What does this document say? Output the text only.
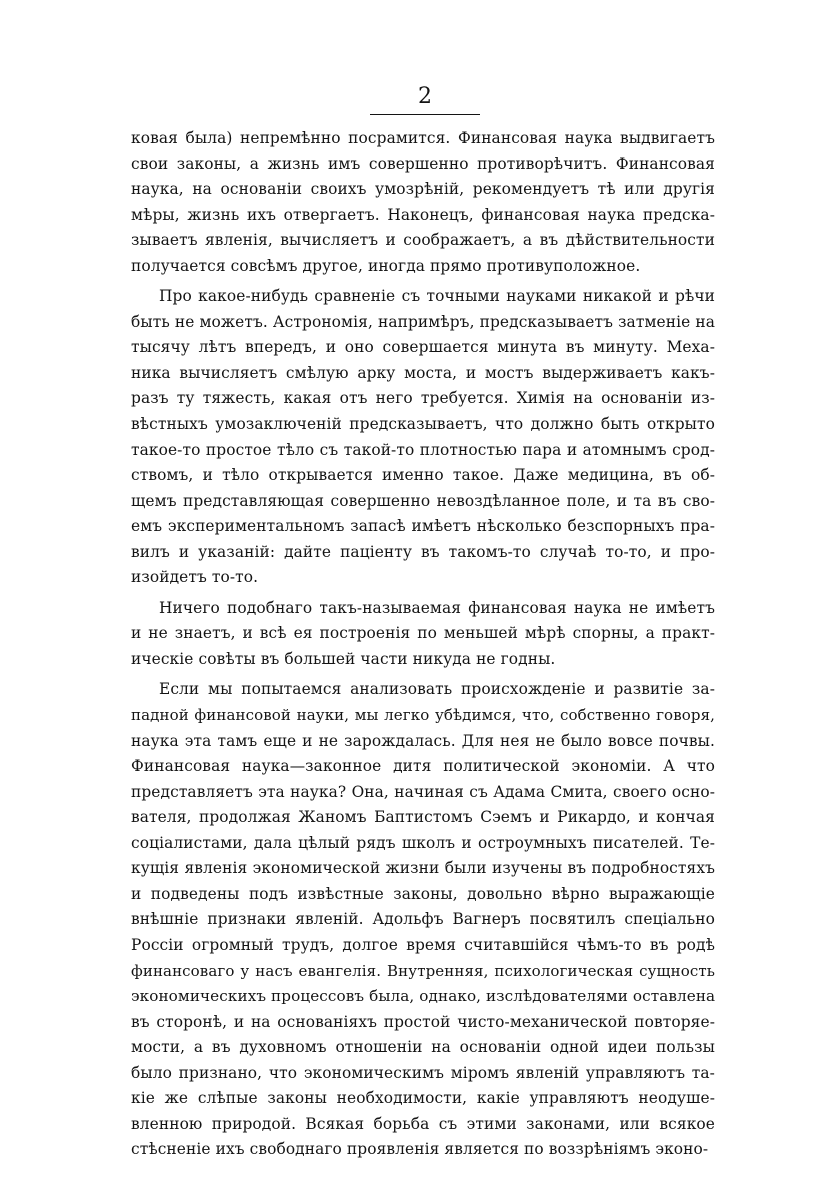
2
ковая была) непремѣнно посрамится. Финансовая наука выдвигаетъ
свои законы, а жизнь имъ совершенно противорѣчитъ. Финансовая
наука, на основаніи своихъ умозрѣній, рекомендуетъ тѣ или другія
мѣры, жизнь ихъ отвергаетъ. Наконецъ, финансовая наука предска-
зываетъ явленія, вычисляетъ и соображаетъ, а въ дѣйствительности
получается совсѣмъ другое, иногда прямо противуположное.
Про какое-нибудь сравненіе съ точными науками никакой и рѣчи
быть не можетъ. Астрономія, напримѣръ, предсказываетъ затменіе на
тысячу лѣтъ впередъ, и оно совершается минута въ минуту. Меха-
ника вычисляетъ смѣлую арку моста, и мостъ выдерживаетъ какъ-
разъ ту тяжесть, какая отъ него требуется. Химія на основаніи из-
вѣстныхъ умозаключеній предсказываетъ, что должно быть открыто
такое-то простое тѣло съ такой-то плотностью пара и атомнымъ срод-
ствомъ, и тѣло открывается именно такое. Даже медицина, въ об-
щемъ представляющая совершенно невоздѣланное поле, и та въ сво-
емъ экспериментальномъ запасѣ имѣетъ нѣсколько безспорныхъ пра-
вилъ и указаній: дайте паціенту въ такомъ-то случаѣ то-то, и про-
изойдетъ то-то.
Ничего подобнаго такъ-называемая финансовая наука не имѣетъ
и не знаетъ, и всѣ ея построенія по меньшей мѣрѣ спорны, а практ-
ическіе совѣты въ большей части никуда не годны.
Если мы попытаемся анализовать происхожденіе и развитіе за-
падной финансовой науки, мы легко убѣдимся, что, собственно говоря,
наука эта тамъ еще и не зарождалась. Для нея не было вовсе почвы.
Финансовая наука—законное дитя политической экономіи. А что
представляетъ эта наука? Она, начиная съ Адама Смита, своего осно-
вателя, продолжая Жаномъ Баптистомъ Сэемъ и Рикардо, и кончая
соціалистами, дала цѣлый рядъ школъ и остроумныхъ писателей. Те-
кущія явленія экономической жизни были изучены въ подробностяхъ
и подведены подъ извѣстные законы, довольно вѣрно выражающіе
внѣшніе признаки явленій. Адольфъ Вагнеръ посвятилъ спеціально
Россіи огромный трудъ, долгое время считавшійся чѣмъ-то въ родѣ
финансоваго у насъ евангелія. Внутренняя, психологическая сущность
экономическихъ процессовъ была, однако, изслѣдователями оставлена
въ сторонѣ, и на основаніяхъ простой чисто-механической повторяе-
мости, а въ духовномъ отношеніи на основаніи одной идеи пользы
было признано, что экономическимъ міромъ явленій управляютъ та-
кіе же слѣпые законы необходимости, какіе управляютъ неодуше-
вленною природой. Всякая борьба съ этими законами, или всякое
стѣсненіе ихъ свободнаго проявленія является по воззрѣніямъ эконо-
